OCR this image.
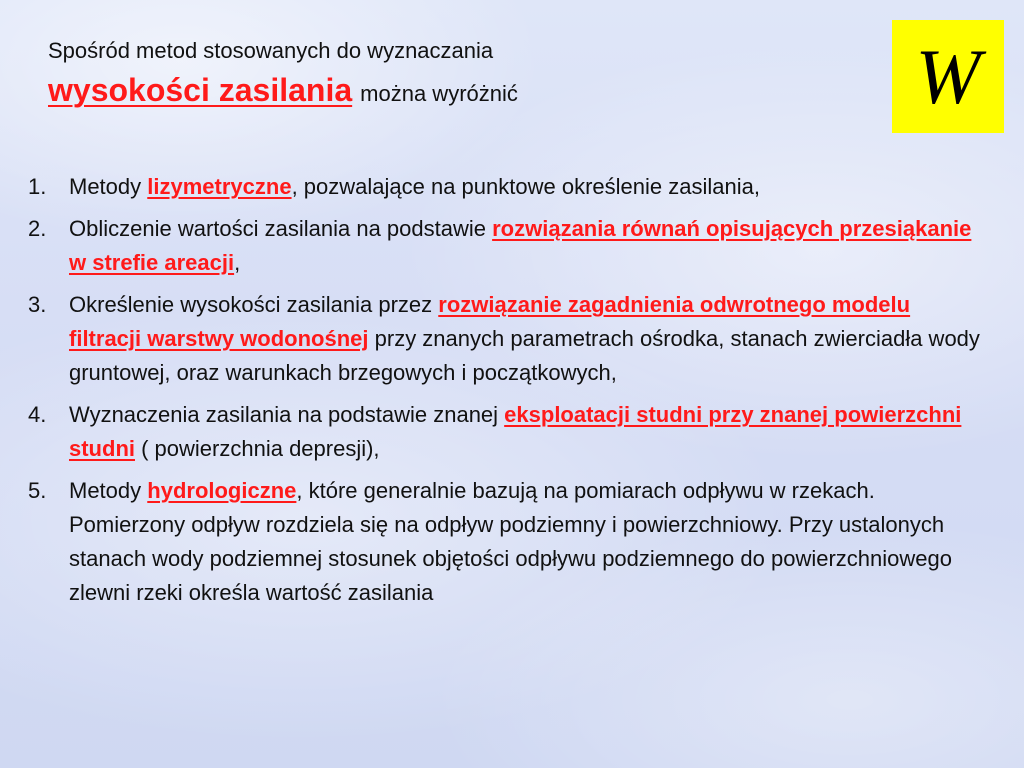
Spośród metod stosowanych do wyznaczania
wysokości zasilania można wyróżnić	W
1.	Metody lizymetryczne, pozwalające na punktowe określenie zasilania,
2.	Obliczenie wartości zasilania na podstawie rozwiązania równań opisujących przesiąkanie w strefie areacji,
3.	Określenie wysokości zasilania przez rozwiązanie zagadnienia odwrotnego modelu filtracji warstwy wodonośnej przy znanych parametrach ośrodka, stanach zwierciadła wody gruntowej, oraz warunkach brzegowych i początkowych,
4.	Wyznaczenia zasilania na podstawie znanej eksploatacji studni przy znanej powierzchni studni ( powierzchnia depresji),
5.	Metody hydrologiczne, które generalnie bazują na pomiarach odpływu w rzekach. Pomierzony odpływ rozdziela się na odpływ podziemny i powierzchniowy. Przy ustalonych stanach wody podziemnej stosunek objętości odpływu podziemnego do powierzchniowego zlewni rzeki określa wartość zasilania
